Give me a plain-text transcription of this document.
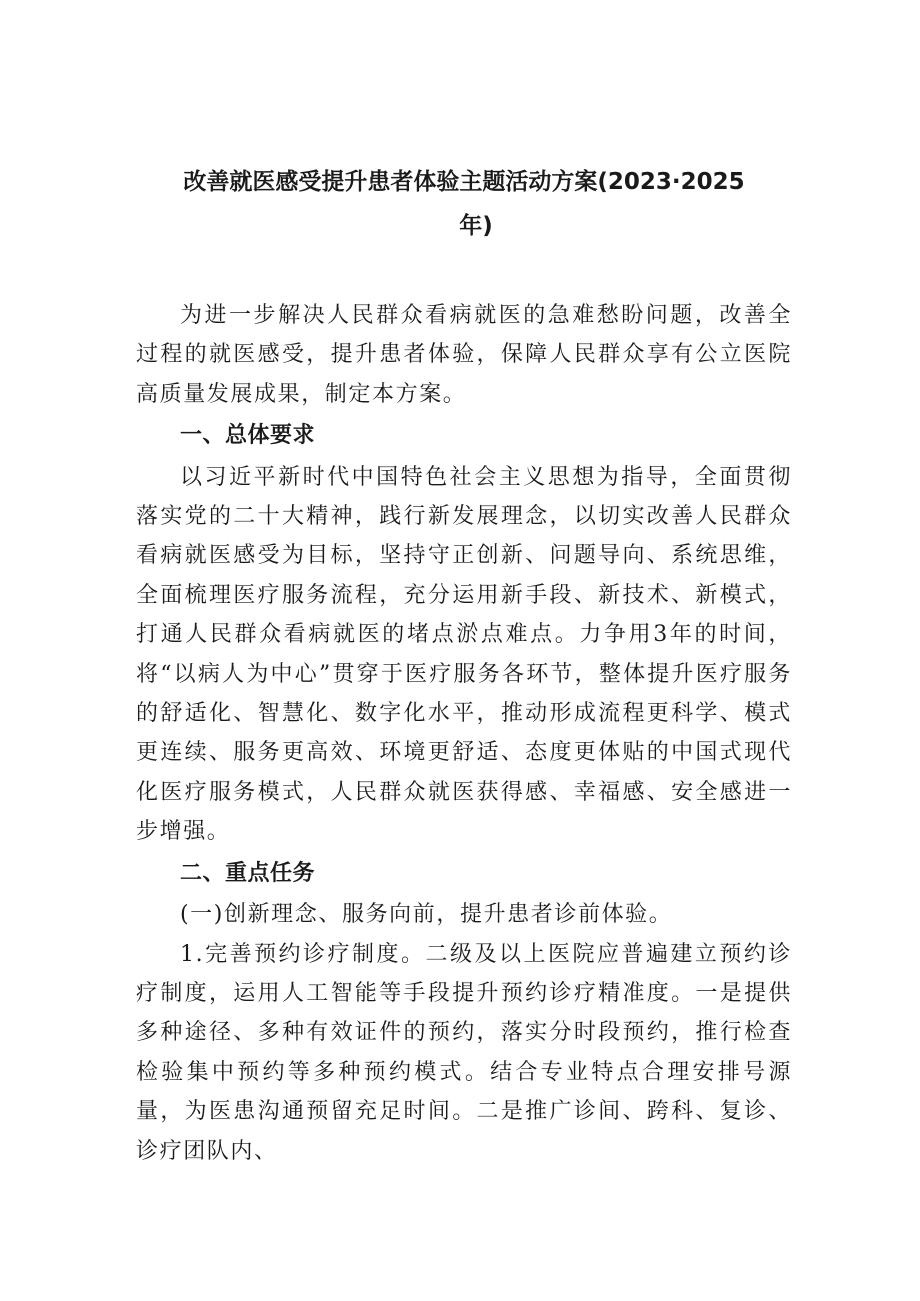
改善就医感受提升患者体验主题活动方案(2023·2025
年)

为进一步解决人民群众看病就医的急难愁盼问题，改善全过程的就医感受，提升患者体验，保障人民群众享有公立医院高质量发展成果，制定本方案。

一、总体要求

以习近平新时代中国特色社会主义思想为指导，全面贯彻落实党的二十大精神，践行新发展理念，以切实改善人民群众看病就医感受为目标，坚持守正创新、问题导向、系统思维，全面梳理医疗服务流程，充分运用新手段、新技术、新模式，打通人民群众看病就医的堵点淤点难点。力争用3年的时间，将“以病人为中心”贯穿于医疗服务各环节，整体提升医疗服务的舒适化、智慧化、数字化水平，推动形成流程更科学、模式更连续、服务更高效、环境更舒适、态度更体贴的中国式现代化医疗服务模式，人民群众就医获得感、幸福感、安全感进一步增强。

二、重点任务

(一)创新理念、服务向前，提升患者诊前体验。

1.完善预约诊疗制度。二级及以上医院应普遍建立预约诊疗制度，运用人工智能等手段提升预约诊疗精准度。一是提供多种途径、多种有效证件的预约，落实分时段预约，推行检查检验集中预约等多种预约模式。结合专业特点合理安排号源量，为医患沟通预留充足时间。二是推广诊间、跨科、复诊、诊疗团队内、
